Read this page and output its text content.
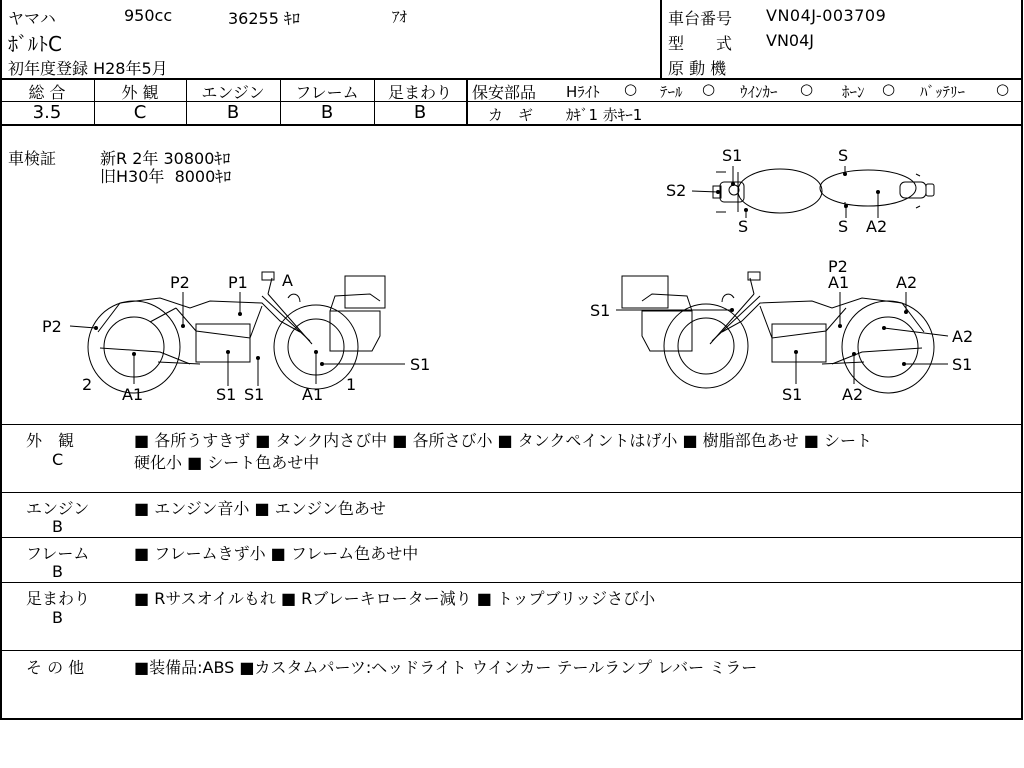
ヤマハ	950cc	36255 ｷﾛ	ｱｵ
ﾎﾞﾙﾄC
初年度登録 H28年5月
車台番号 VN04J-003709
型　　式 VN04J
原 動 機
総 合
3.5
外 観
C
エンジン
B
フレーム
B
足まわり
B
保安部品 Hﾗｲﾄ ○ ﾃｰﾙ ○ ｳｲﾝｶｰ ○ ﾎｰﾝ ○ ﾊﾞｯﾃﾘｰ ○
カ　ギ ｶｷﾞ1 赤ｷｰ1
車検証	新R 2年 30800ｷﾛ
旧H30年  8000ｷﾛ
S1	S
S2
S	S A2
P2 P1 A
P2
2
A1	S1 S1 A1
1
S1
P2
A1	A2
S1
A2
S1
S1 A2
外　観
C
■ 各所うすきず ■ タンク内さび中 ■ 各所さび小 ■ タンクペイントはげ小 ■ 樹脂部色あせ ■ シート
硬化小 ■ シート色あせ中
エンジン
B
■ エンジン音小 ■ エンジン色あせ
フレーム
B
■ フレームきず小 ■ フレーム色あせ中
足まわり
B
■ Rサスオイルもれ ■ Rブレーキローター減り ■ トップブリッジさび小
そ の 他	■装備品:ABS ■カスタムパーツ:ヘッドライト ウインカー テールランプ レバー ミラー
